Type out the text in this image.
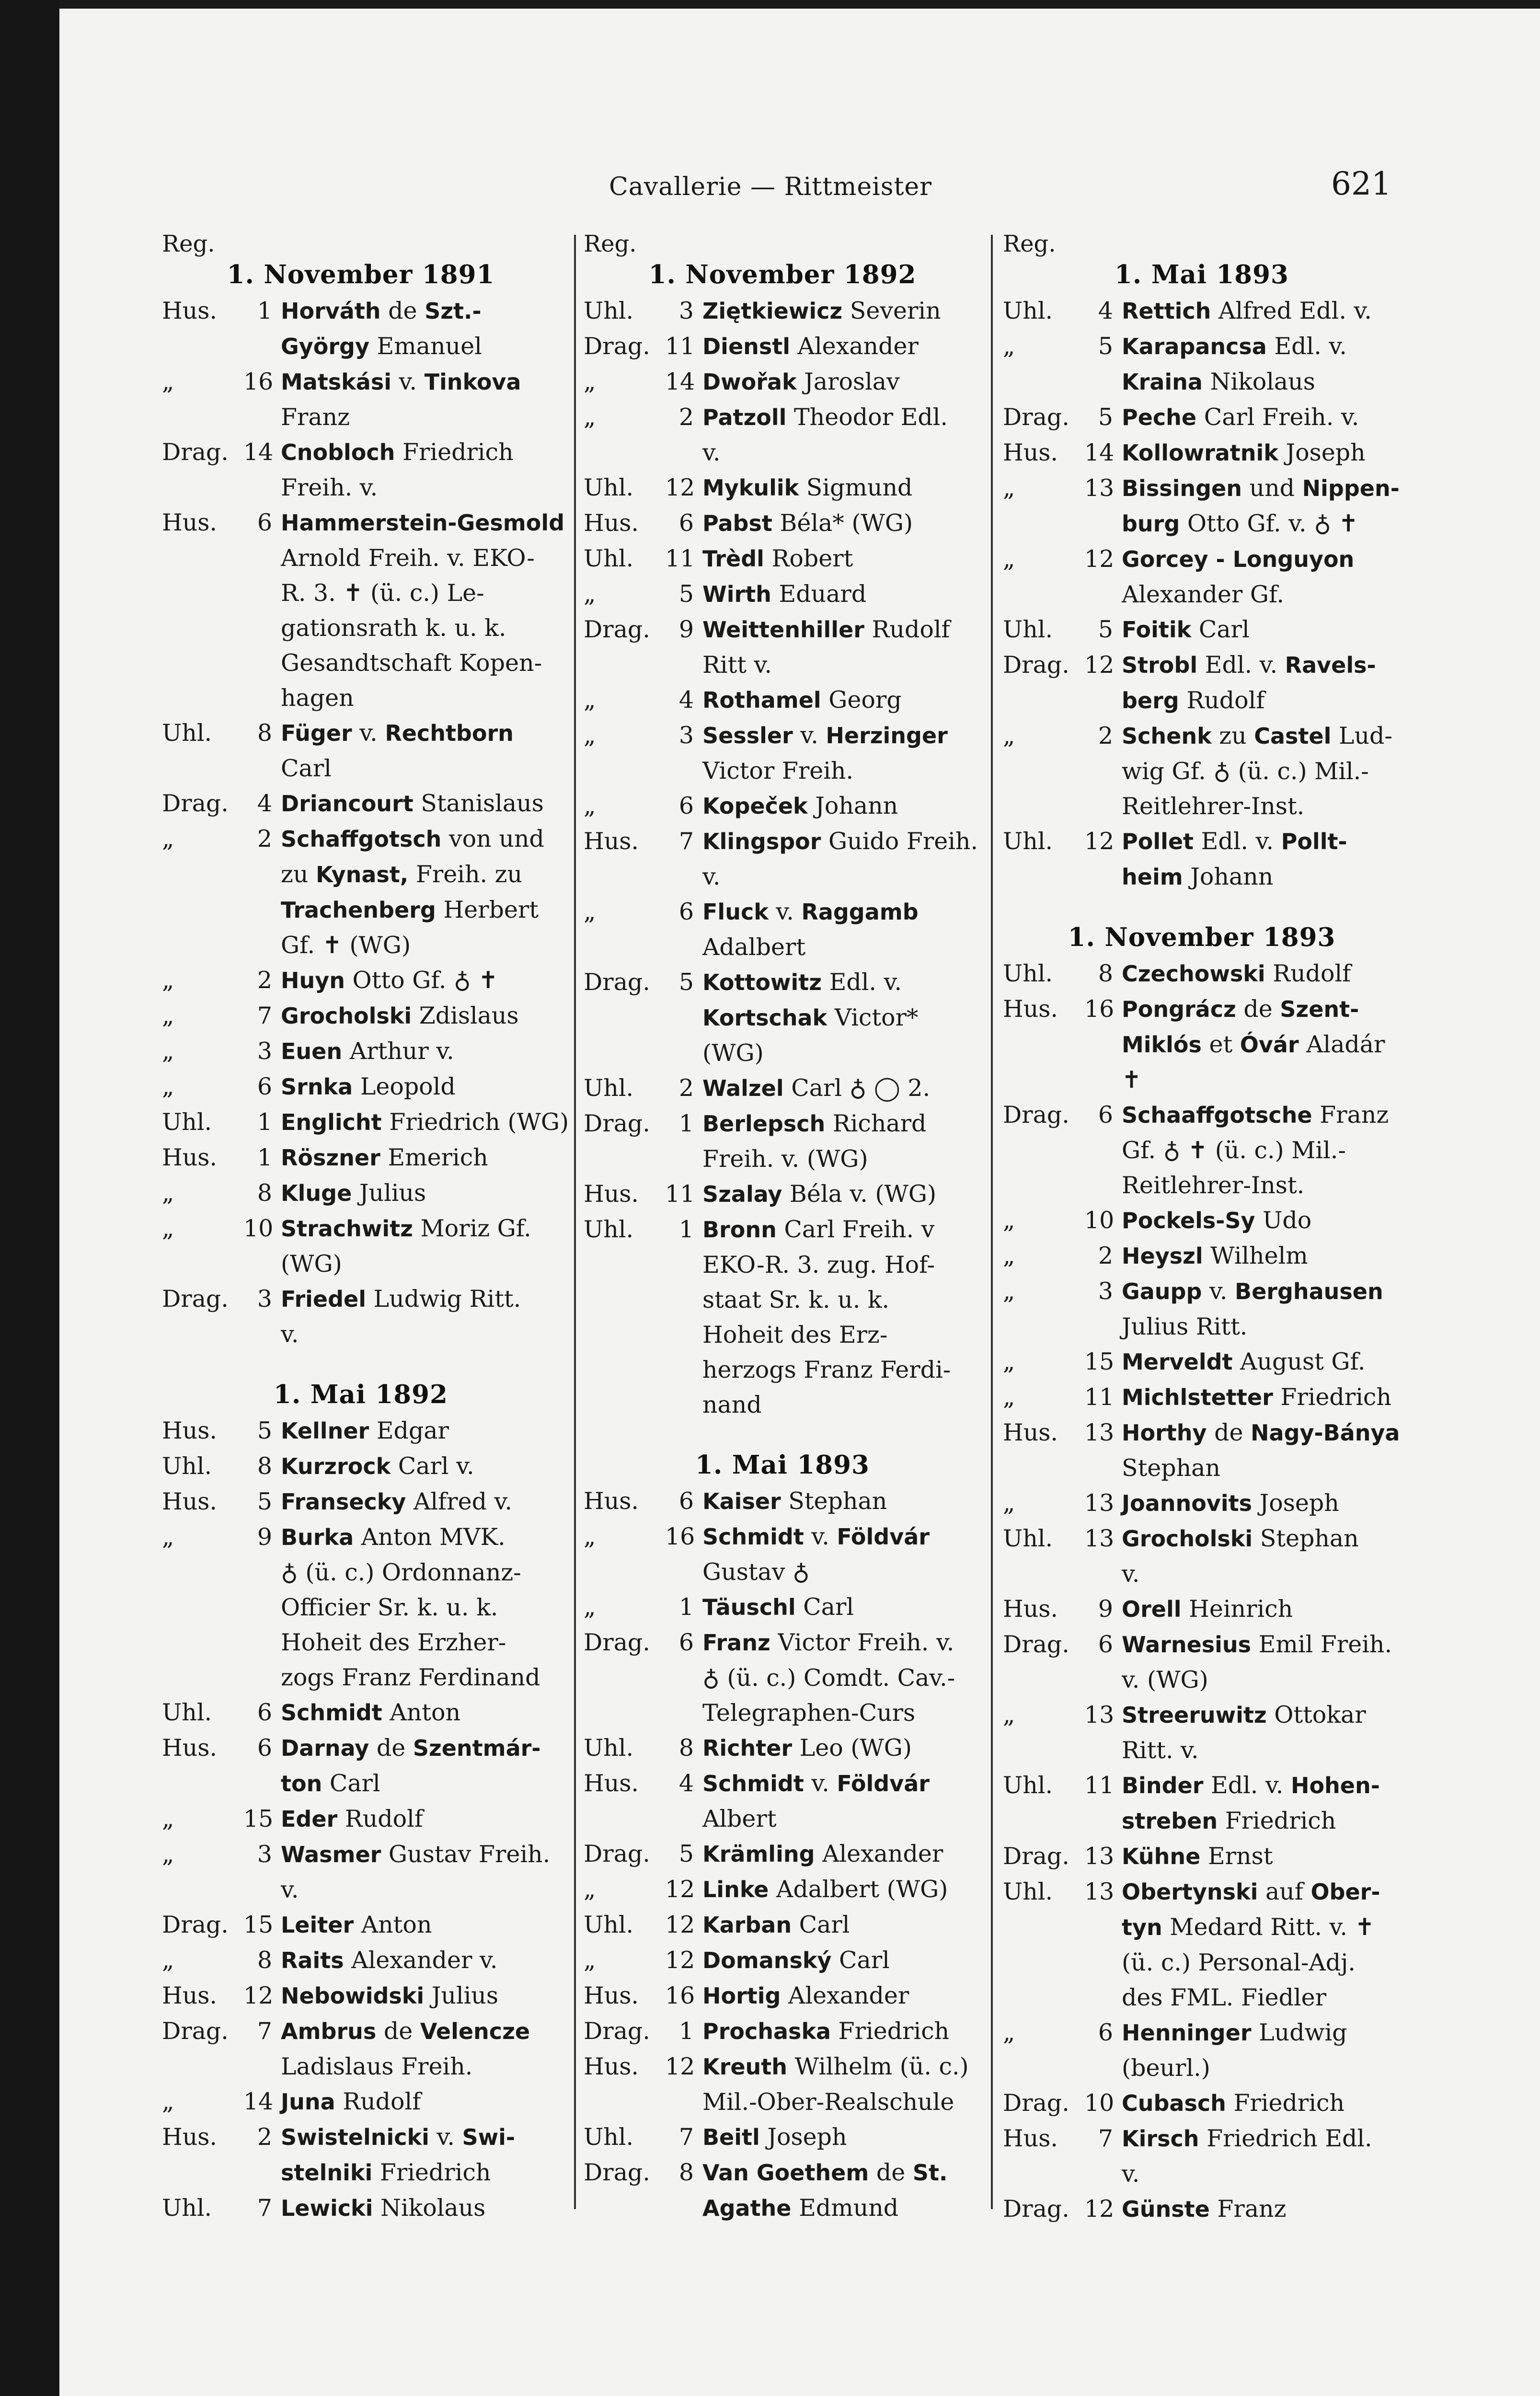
Cavallerie — Rittmeister	621
Reg.
1. November 1891
Hus.	1 Horváth de Szt.-
György Emanuel
„	16 Matskási v. Tinkova
Franz
Drag. 14 Cnobloch Friedrich
Freih. v.
Hus.	6 Hammerstein-Gesmold
Arnold Freih. v. EKO-
R. 3. ✝ (ü. c.) Le-
gationsrath k. u. k.
Gesandtschaft Kopen-
hagen
Uhl.	8 Füger v. Rechtborn
Carl
Drag.	4 Driancourt Stanislaus
„	2 Schaffgotsch von und
zu Kynast, Freih. zu
Trachenberg Herbert
Gf. ✝ (WG)
„	2 Huyn Otto Gf. ♁ ✝
„	7 Grocholski Zdislaus
„	3 Euen Arthur v.
„	6 Srnka Leopold
Uhl.	1 Englicht Friedrich (WG)
Hus.	1 Röszner Emerich
„	8 Kluge Julius
„	10 Strachwitz Moriz Gf.
(WG)
Drag.	3 Friedel Ludwig Ritt.
v.
1. Mai 1892
Hus.	5 Kellner Edgar
Uhl.	8 Kurzrock Carl v.
Hus.	5 Fransecky Alfred v.
„	9 Burka Anton MVK.
♁ (ü. c.) Ordonnanz-
Officier Sr. k. u. k.
Hoheit des Erzher-
zogs Franz Ferdinand
Uhl.	6 Schmidt Anton
Hus.	6 Darnay de Szentmár-
ton Carl
„	15 Eder Rudolf
„	3 Wasmer Gustav Freih.
v.
Drag. 15 Leiter Anton
„	8 Raits Alexander v.
Hus.	12 Nebowidski Julius
Drag.	7 Ambrus de Velencze
Ladislaus Freih.
„	14 Juna Rudolf
Hus.	2 Swistelnicki v. Swi-
stelniki Friedrich
Uhl.	7 Lewicki Nikolaus
Reg.
1. November 1892
Uhl.	3 Ziętkiewicz Severin
Drag. 11 Dienstl Alexander
„	14 Dwořak Jaroslav
„	2 Patzoll Theodor Edl.
v.
Uhl.	12 Mykulik Sigmund
Hus.	6 Pabst Béla* (WG)
Uhl.	11 Trèdl Robert
„	5 Wirth Eduard
Drag.	9 Weittenhiller Rudolf
Ritt v.
„	4 Rothamel Georg
„	3 Sessler v. Herzinger
Victor Freih.
„	6 Kopeček Johann
Hus.	7 Klingspor Guido Freih.
v.
„	6 Fluck v. Raggamb
Adalbert
Drag.	5 Kottowitz Edl. v.
Kortschak Victor*
(WG)
Uhl.	2 Walzel Carl ♁ ◯ 2.
Drag.	1 Berlepsch Richard
Freih. v. (WG)
Hus.	11 Szalay Béla v. (WG)
Uhl.	1 Bronn Carl Freih. v
EKO-R. 3. zug. Hof-
staat Sr. k. u. k.
Hoheit des Erz-
herzogs Franz Ferdi-
nand
1. Mai 1893
Hus.	6 Kaiser Stephan
„	16 Schmidt v. Földvár
Gustav ♁
„	1 Täuschl Carl
Drag.	6 Franz Victor Freih. v.
♁ (ü. c.) Comdt. Cav.-
Telegraphen-Curs
Uhl.	8 Richter Leo (WG)
Hus.	4 Schmidt v. Földvár
Albert
Drag.	5 Krämling Alexander
„	12 Linke Adalbert (WG)
Uhl.	12 Karban Carl
„	12 Domanský Carl
Hus.	16 Hortig Alexander
Drag.	1 Prochaska Friedrich
Hus.	12 Kreuth Wilhelm (ü. c.)
Mil.-Ober-Realschule
Uhl.	7 Beitl Joseph
Drag.	8 Van Goethem de St.
Agathe Edmund
Reg.
1. Mai 1893
Uhl.	4 Rettich Alfred Edl. v.
„	5 Karapancsa Edl. v.
Kraina Nikolaus
Drag.	5 Peche Carl Freih. v.
Hus.	14 Kollowratnik Joseph
„	13 Bissingen und Nippen-
burg Otto Gf. v. ♁ ✝
„	12 Gorcey - Longuyon
Alexander Gf.
Uhl.	5 Foitik Carl
Drag. 12 Strobl Edl. v. Ravels-
berg Rudolf
„	2 Schenk zu Castel Lud-
wig Gf. ♁ (ü. c.) Mil.-
Reitlehrer-Inst.
Uhl.	12 Pollet Edl. v. Pollt-
heim Johann
1. November 1893
Uhl.	8 Czechowski Rudolf
Hus.	16 Pongrácz de Szent-
Miklós et Óvár Aladár
✝
Drag.	6 Schaaffgotsche Franz
Gf. ♁ ✝ (ü. c.) Mil.-
Reitlehrer-Inst.
„	10 Pockels-Sy Udo
„	2 Heyszl Wilhelm
„	3 Gaupp v. Berghausen
Julius Ritt.
„	15 Merveldt August Gf.
„	11 Michlstetter Friedrich
Hus.	13 Horthy de Nagy-Bánya
Stephan
„	13 Joannovits Joseph
Uhl.	13 Grocholski Stephan
v.
Hus.	9 Orell Heinrich
Drag.	6 Warnesius Emil Freih.
v. (WG)
„	13 Streeruwitz Ottokar
Ritt. v.
Uhl.	11 Binder Edl. v. Hohen-
streben Friedrich
Drag. 13 Kühne Ernst
Uhl.	13 Obertynski auf Ober-
tyn Medard Ritt. v. ✝
(ü. c.) Personal-Adj.
des FML. Fiedler
„	6 Henninger Ludwig
(beurl.)
Drag. 10 Cubasch Friedrich
Hus.	7 Kirsch Friedrich Edl.
v.
Drag. 12 Günste Franz
